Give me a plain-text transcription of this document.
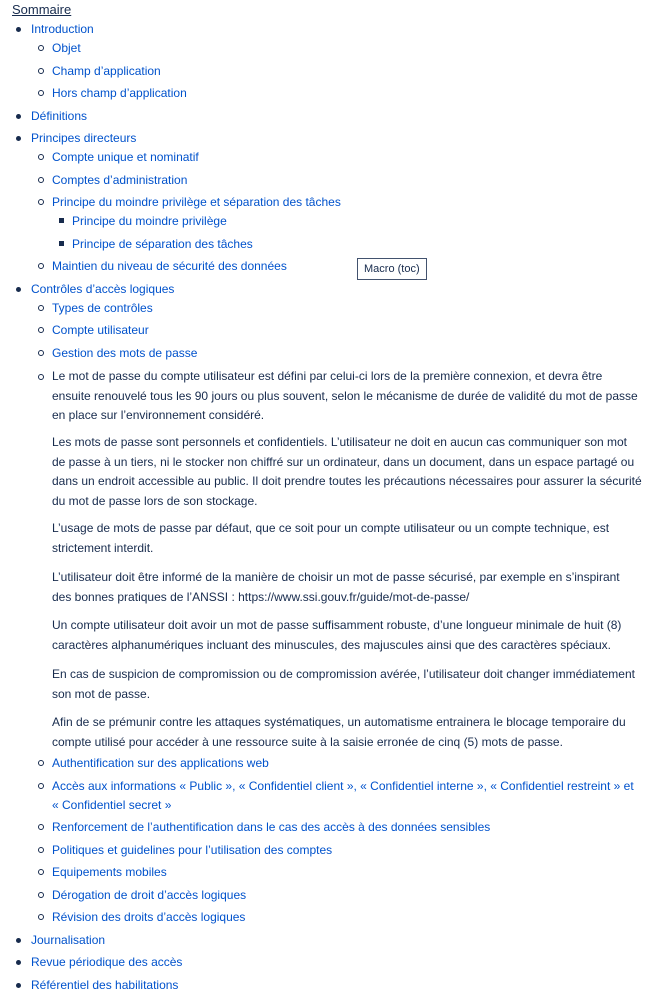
Sommaire
Macro (toc)
Introduction
Objet
Champ d’application
Hors champ d’application
Définitions
Principes directeurs
Compte unique et nominatif
Comptes d’administration
Principe du moindre privilège et séparation des tâches
Principe du moindre privilège
Principe de séparation des tâches
Maintien du niveau de sécurité des données
Contrôles d’accès logiques
Types de contrôles
Compte utilisateur
Gestion des mots de passe
Le mot de passe du compte utilisateur est défini par celui-ci lors de la première connexion, et devra être ensuite renouvelé tous les 90 jours ou plus souvent, selon le mécanisme de durée de validité du mot de passe en place sur l’environnement considéré.
Les mots de passe sont personnels et confidentiels. L’utilisateur ne doit en aucun cas communiquer son mot de passe à un tiers, ni le stocker non chiffré sur un ordinateur, dans un document, dans un espace partagé ou dans un endroit accessible au public. Il doit prendre toutes les précautions nécessaires pour assurer la sécurité du mot de passe lors de son stockage.
L’usage de mots de passe par défaut, que ce soit pour un compte utilisateur ou un compte technique, est strictement interdit.
L’utilisateur doit être informé de la manière de choisir un mot de passe sécurisé, par exemple en s’inspirant des bonnes pratiques de l’ANSSI : https://www.ssi.gouv.fr/guide/mot-de-passe/
Un compte utilisateur doit avoir un mot de passe suffisamment robuste, d’une longueur minimale de huit (8) caractères alphanumériques incluant des minuscules, des majuscules ainsi que des caractères spéciaux.
En cas de suspicion de compromission ou de compromission avérée, l’utilisateur doit changer immédiatement son mot de passe.
Afin de se prémunir contre les attaques systématiques, un automatisme entrainera le blocage temporaire du compte utilisé pour accéder à une ressource suite à la saisie erronée de cinq (5) mots de passe.
Authentification sur des applications web
Accès aux informations « Public », « Confidentiel client », « Confidentiel interne », « Confidentiel restreint » et
« Confidentiel secret »
Renforcement de l’authentification dans le cas des accès à des données sensibles
Politiques et guidelines pour l’utilisation des comptes
Equipements mobiles
Dérogation de droit d’accès logiques
Révision des droits d’accès logiques
Journalisation
Revue périodique des accès
Référentiel des habilitations
